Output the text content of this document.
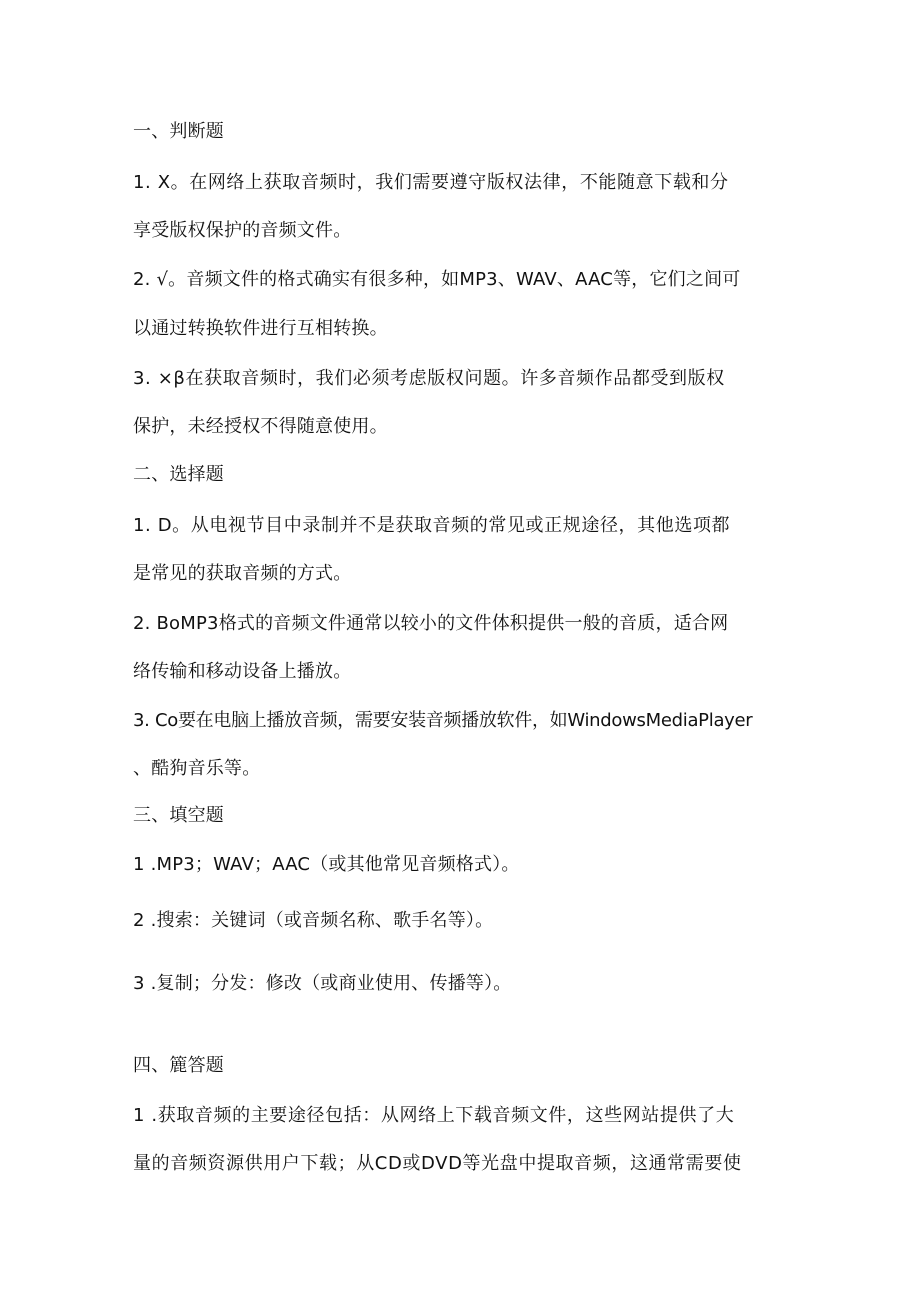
一、判断题
1. X。在网络上获取音频时，我们需要遵守版权法律，不能随意下载和分
享受版权保护的音频文件。
2. √。音频文件的格式确实有很多种，如MP3、WAV、AAC等，它们之间可
以通过转换软件进行互相转换。
3. ×β在获取音频时，我们必须考虑版权问题。许多音频作品都受到版权
保护，未经授权不得随意使用。
二、选择题
1. D。从电视节目中录制并不是获取音频的常见或正规途径，其他选项都
是常见的获取音频的方式。
2. BoMP3格式的音频文件通常以较小的文件体积提供一般的音质，适合网
络传输和移动设备上播放。
3. Co要在电脑上播放音频，需要安装音频播放软件，如WindowsMediaPlayer
、酷狗音乐等。
三、填空题
1 .MP3；WAV；AAC（或其他常见音频格式）。
2 .搜索：关键词（或音频名称、歌手名等）。
3 .复制；分发：修改（或商业使用、传播等）。
四、簏答题
1 .获取音频的主要途径包括：从网络上下载音频文件，这些网站提供了大
量的音频资源供用户下载；从CD或DVD等光盘中提取音频，这通常需要使
